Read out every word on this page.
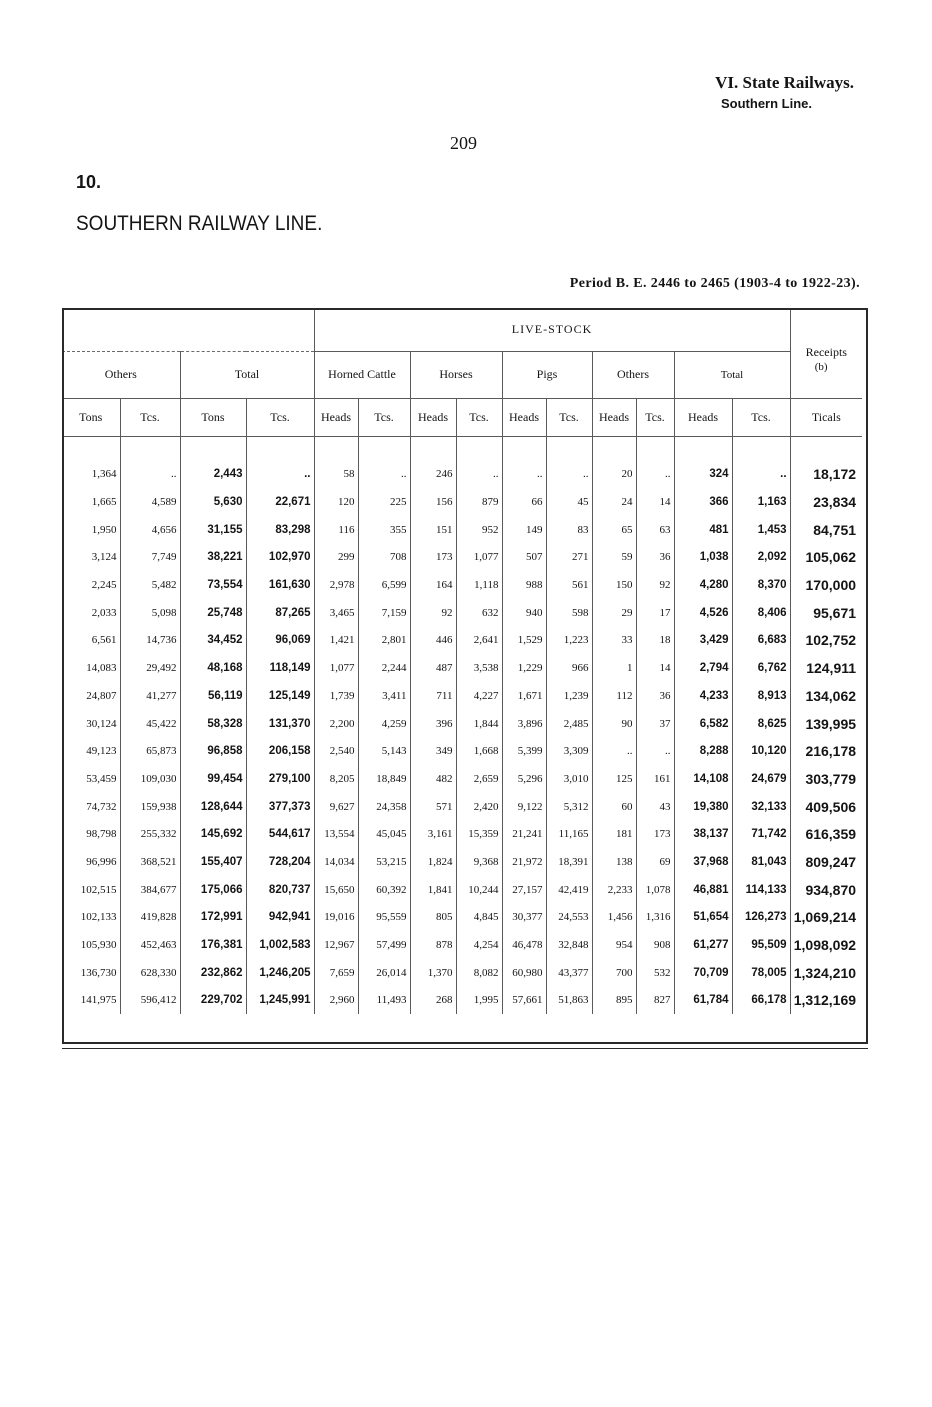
VI. State Railways.
Southern Line.
209
10.
SOUTHERN RAILWAY LINE.
Period B. E. 2446 to 2465 (1903-4 to 1922-23).
				LIVE-STOCK										Receipts
Others		Total		Horned Cattle		Horses		Pigs		Others		Total
(b)		

Tons	Tcs.	Tons	Tcs.	Heads	Tcs.	Heads	Tcs.	Heads	Tcs.	Heads	Tcs.	Heads	Tcs.	Ticals

1,364	..	2,443	..	58	..	246	..	..	..	20	..	324	..	18,172
1,665	4,589	5,630	22,671	120	225	156	879	66	45	24	14	366	1,163	23,834
1,950	4,656	31,155	83,298	116	355	151	952	149	83	65	63	481	1,453	84,751
3,124	7,749	38,221	102,970	299	708	173	1,077	507	271	59	36	1,038	2,092	105,062
2,245	5,482	73,554	161,630	2,978	6,599	164	1,118	988	561	150	92	4,280	8,370	170,000
2,033	5,098	25,748	87,265	3,465	7,159	92	632	940	598	29	17	4,526	8,406	95,671
6,561	14,736	34,452	96,069	1,421	2,801	446	2,641	1,529	1,223	33	18	3,429	6,683	102,752
14,083	29,492	48,168	118,149	1,077	2,244	487	3,538	1,229	966	1	14	2,794	6,762	124,911
24,807	41,277	56,119	125,149	1,739	3,411	711	4,227	1,671	1,239	112	36	4,233	8,913	134,062
30,124	45,422	58,328	131,370	2,200	4,259	396	1,844	3,896	2,485	90	37	6,582	8,625	139,995
49,123	65,873	96,858	206,158	2,540	5,143	349	1,668	5,399	3,309	..	..	8,288	10,120	216,178
53,459	109,030	99,454	279,100	8,205	18,849	482	2,659	5,296	3,010	125	161	14,108	24,679	303,779
74,732	159,938	128,644	377,373	9,627	24,358	571	2,420	9,122	5,312	60	43	19,380	32,133	409,506
98,798	255,332	145,692	544,617	13,554	45,045	3,161	15,359	21,241	11,165	181	173	38,137	71,742	616,359
96,996	368,521	155,407	728,204	14,034	53,215	1,824	9,368	21,972	18,391	138	69	37,968	81,043	809,247
102,515	384,677	175,066	820,737	15,650	60,392	1,841	10,244	27,157	42,419	2,233	1,078	46,881	114,133	934,870
102,133	419,828	172,991	942,941	19,016	95,559	805	4,845	30,377	24,553	1,456	1,316	51,654	126,273	1,069,214
105,930	452,463	176,381	1,002,583	12,967	57,499	878	4,254	46,478	32,848	954	908	61,277	95,509	1,098,092
136,730	628,330	232,862	1,246,205	7,659	26,014	1,370	8,082	60,980	43,377	700	532	70,709	78,005	1,324,210
141,975	596,412	229,702	1,245,991	2,960	11,493	268	1,995	57,661	51,863	895	827	61,784	66,178	1,312,169
